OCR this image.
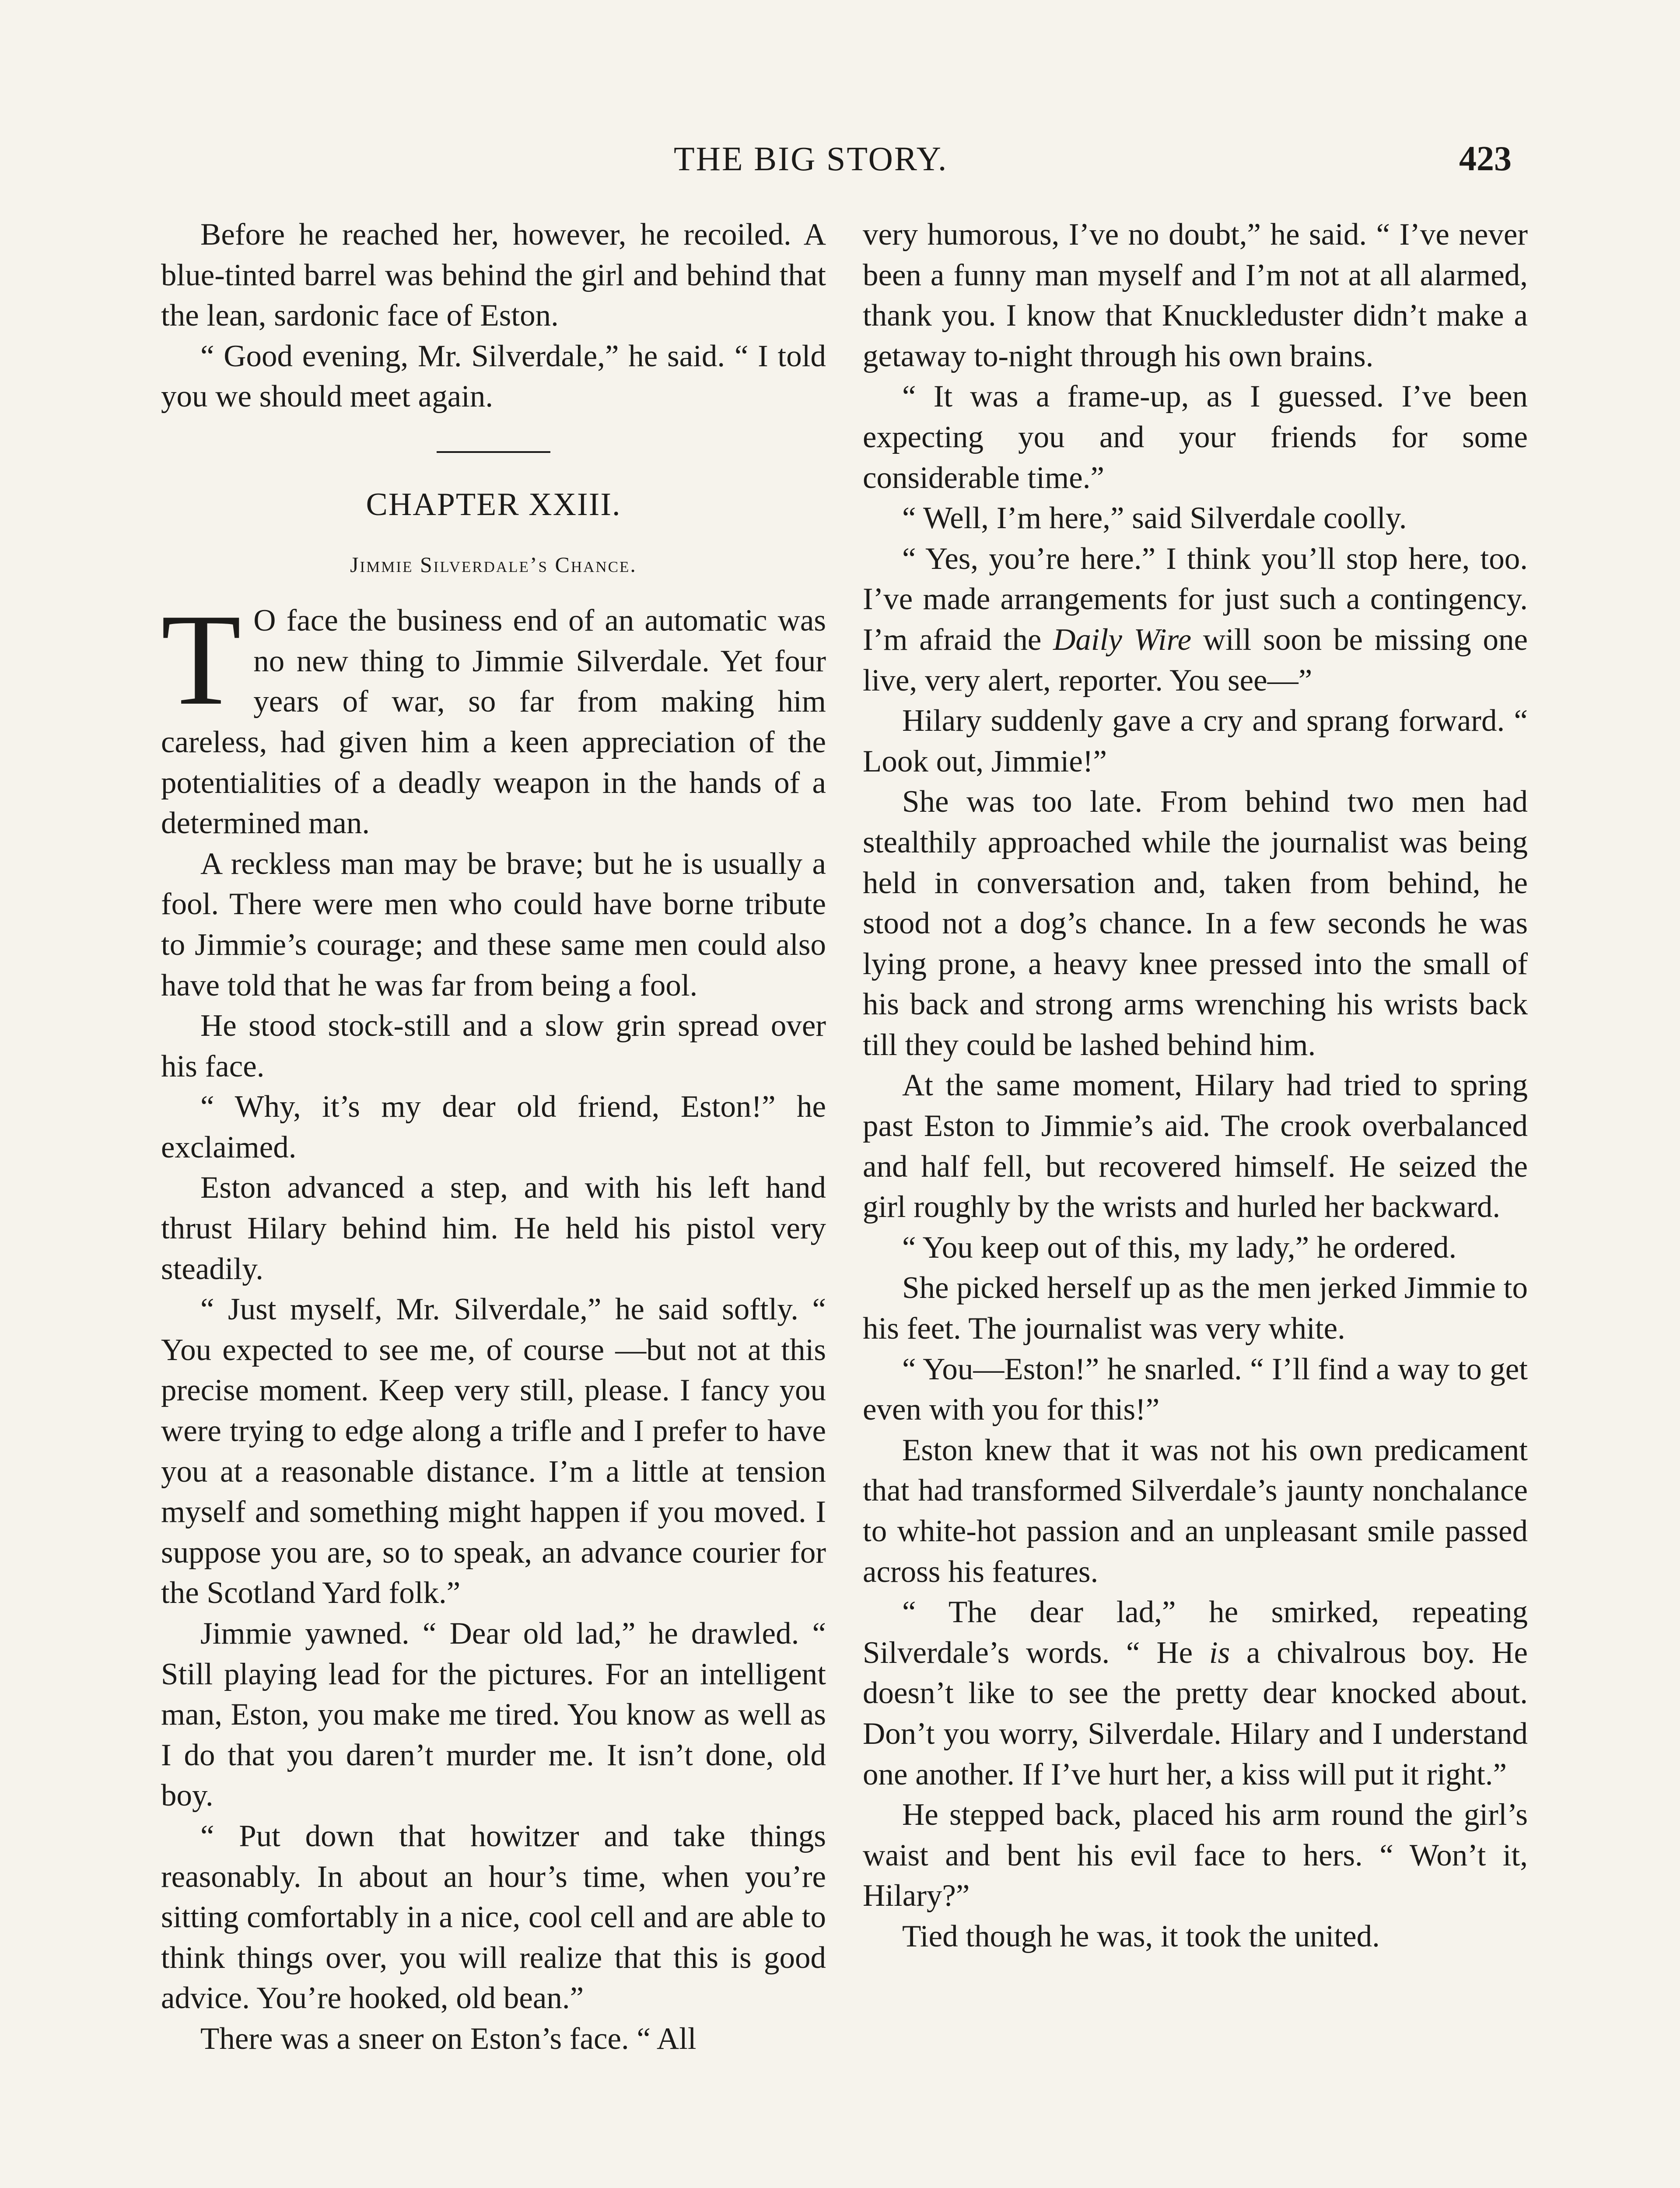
THE BIG STORY.	423

Before he reached her, however, he recoiled. A blue-tinted barrel was behind the girl and behind that the lean, sardonic face of Eston.

“ Good evening, Mr. Silverdale,” he said. “ I told you we should meet again.

CHAPTER XXIII.
Jimmie Silverdale’s Chance.

T O face the business end of an automatic was no new thing to Jimmie Silverdale. Yet four years of war, so far from making him careless, had given him a keen appreciation of the potentialities of a deadly weapon in the hands of a determined man.

A reckless man may be brave; but he is usually a fool. There were men who could have borne tribute to Jimmie’s courage; and these same men could also have told that he was far from being a fool.

He stood stock-still and a slow grin spread over his face.

“ Why, it’s my dear old friend, Eston!” he exclaimed.

Eston advanced a step, and with his left hand thrust Hilary behind him. He held his pistol very steadily.

“ Just myself, Mr. Silverdale,” he said softly. “ You expected to see me, of course —but not at this precise moment. Keep very still, please. I fancy you were trying to edge along a trifle and I prefer to have you at a reasonable distance. I’m a little at tension myself and something might happen if you moved. I suppose you are, so to speak, an advance courier for the Scotland Yard folk.”

Jimmie yawned. “ Dear old lad,” he drawled. “ Still playing lead for the pictures. For an intelligent man, Eston, you make me tired. You know as well as I do that you daren’t murder me. It isn’t done, old boy.

“ Put down that howitzer and take things reasonably. In about an hour’s time, when you’re sitting comfortably in a nice, cool cell and are able to think things over, you will realize that this is good advice. You’re hooked, old bean.”

There was a sneer on Eston’s face. “ All

very humorous, I’ve no doubt,” he said. “ I’ve never been a funny man myself and I’m not at all alarmed, thank you. I know that Knuckleduster didn’t make a getaway to-night through his own brains.

“ It was a frame-up, as I guessed. I’ve been expecting you and your friends for some considerable time.”

“ Well, I’m here,” said Silverdale coolly.

“ Yes, you’re here.” I think you’ll stop here, too. I’ve made arrangements for just such a contingency. I’m afraid the Daily Wire will soon be missing one live, very alert, reporter. You see—”

Hilary suddenly gave a cry and sprang forward. “ Look out, Jimmie!”

She was too late. From behind two men had stealthily approached while the journalist was being held in conversation and, taken from behind, he stood not a dog’s chance. In a few seconds he was lying prone, a heavy knee pressed into the small of his back and strong arms wrenching his wrists back till they could be lashed behind him.

At the same moment, Hilary had tried to spring past Eston to Jimmie’s aid. The crook overbalanced and half fell, but recovered himself. He seized the girl roughly by the wrists and hurled her backward.

“ You keep out of this, my lady,” he ordered.

She picked herself up as the men jerked Jimmie to his feet. The journalist was very white.

“ You—Eston!” he snarled. “ I’ll find a way to get even with you for this!”

Eston knew that it was not his own predicament that had transformed Silverdale’s jaunty nonchalance to white-hot passion and an unpleasant smile passed across his features.

“ The dear lad,” he smirked, repeating Silverdale’s words. “ He is a chivalrous boy. He doesn’t like to see the pretty dear knocked about. Don’t you worry, Silverdale. Hilary and I understand one another. If I’ve hurt her, a kiss will put it right.”

He stepped back, placed his arm round the girl’s waist and bent his evil face to hers. “ Won’t it, Hilary?”

Tied though he was, it took the united.
